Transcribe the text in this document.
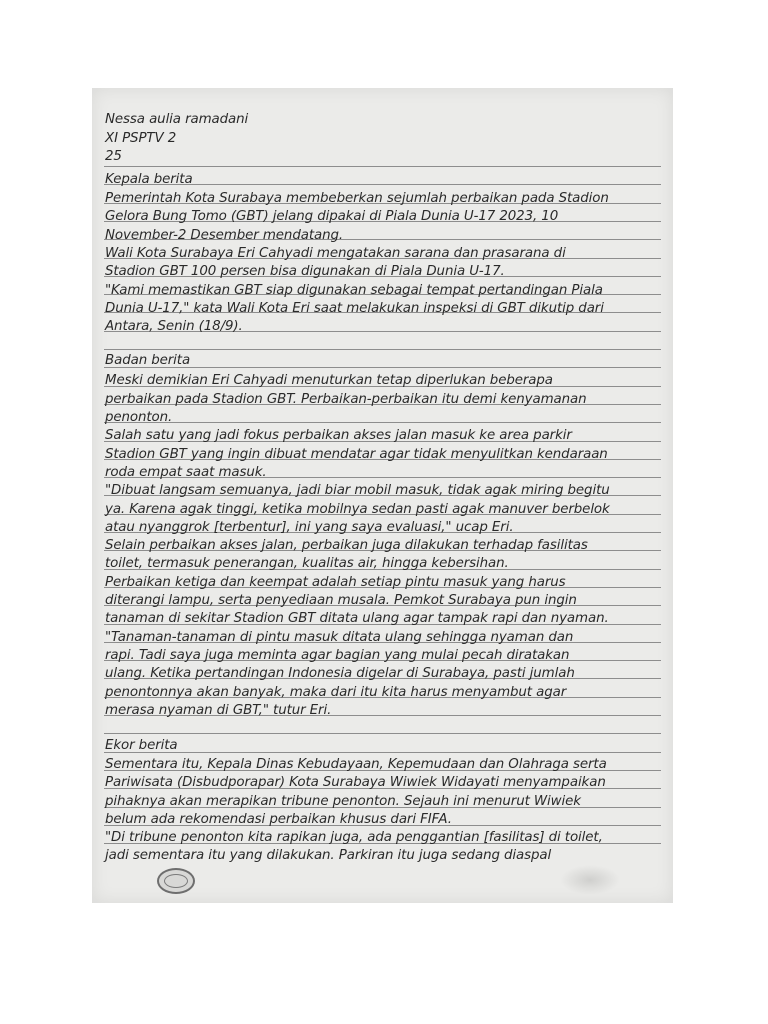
Nessa aulia ramadani
XI PSPTV 2
25
Kepala berita
Pemerintah Kota Surabaya membeberkan sejumlah perbaikan pada Stadion
Gelora Bung Tomo (GBT) jelang dipakai di Piala Dunia U-17 2023, 10
November-2 Desember mendatang.
Wali Kota Surabaya Eri Cahyadi mengatakan sarana dan prasarana di
Stadion GBT 100 persen bisa digunakan di Piala Dunia U-17.
"Kami memastikan GBT siap digunakan sebagai tempat pertandingan Piala
Dunia U-17," kata Wali Kota Eri saat melakukan inspeksi di GBT dikutip dari
Antara, Senin (18/9).
Badan berita
Meski demikian Eri Cahyadi menuturkan tetap diperlukan beberapa
perbaikan pada Stadion GBT. Perbaikan-perbaikan itu demi kenyamanan
penonton.
Salah satu yang jadi fokus perbaikan akses jalan masuk ke area parkir
Stadion GBT yang ingin dibuat mendatar agar tidak menyulitkan kendaraan
roda empat saat masuk.
"Dibuat langsam semuanya, jadi biar mobil masuk, tidak agak miring begitu
ya. Karena agak tinggi, ketika mobilnya sedan pasti agak manuver berbelok
atau nyanggrok [terbentur], ini yang saya evaluasi," ucap Eri.
Selain perbaikan akses jalan, perbaikan juga dilakukan terhadap fasilitas
toilet, termasuk penerangan, kualitas air, hingga kebersihan.
Perbaikan ketiga dan keempat adalah setiap pintu masuk yang harus
diterangi lampu, serta penyediaan musala. Pemkot Surabaya pun ingin
tanaman di sekitar Stadion GBT ditata ulang agar tampak rapi dan nyaman.
"Tanaman-tanaman di pintu masuk ditata ulang sehingga nyaman dan
rapi. Tadi saya juga meminta agar bagian yang mulai pecah diratakan
ulang. Ketika pertandingan Indonesia digelar di Surabaya, pasti jumlah
penontonnya akan banyak, maka dari itu kita harus menyambut agar
merasa nyaman di GBT," tutur Eri.
Ekor berita
Sementara itu, Kepala Dinas Kebudayaan, Kepemudaan dan Olahraga serta
Pariwisata (Disbudporapar) Kota Surabaya Wiwiek Widayati menyampaikan
pihaknya akan merapikan tribune penonton. Sejauh ini menurut Wiwiek
belum ada rekomendasi perbaikan khusus dari FIFA.
"Di tribune penonton kita rapikan juga, ada penggantian [fasilitas] di toilet,
jadi sementara itu yang dilakukan. Parkiran itu juga sedang diaspal
